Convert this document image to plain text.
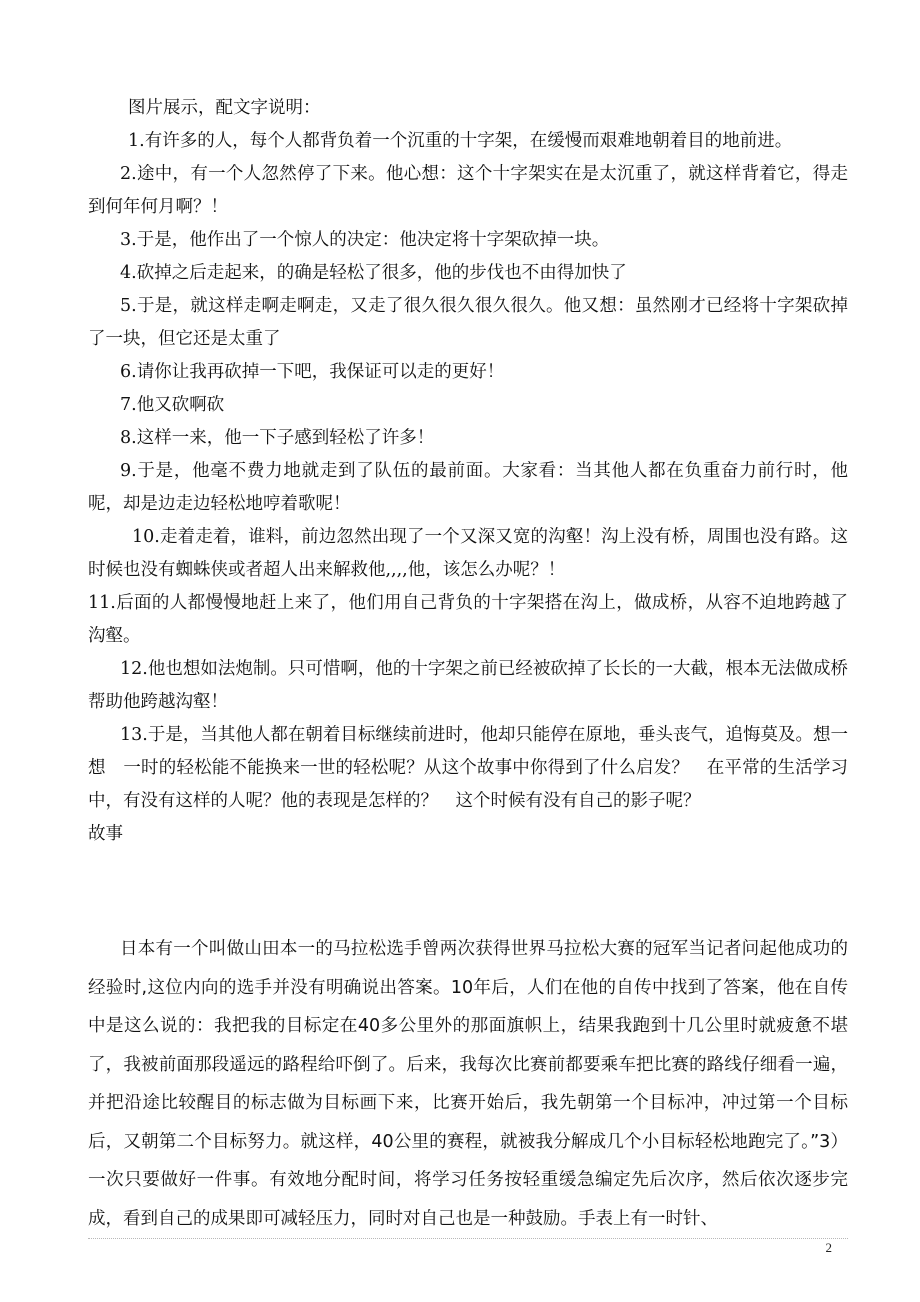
图片展示，配文字说明：

1.有许多的人，每个人都背负着一个沉重的十字架，在缓慢而艰难地朝着目的地前进。

2.途中，有一个人忽然停了下来。他心想：这个十字架实在是太沉重了，就这样背着它，得走到何年何月啊？！

3.于是，他作出了一个惊人的决定：他决定将十字架砍掉一块。

4.砍掉之后走起来，的确是轻松了很多，他的步伐也不由得加快了

5.于是，就这样走啊走啊走，又走了很久很久很久很久。他又想：虽然刚才已经将十字架砍掉了一块，但它还是太重了

6.请你让我再砍掉一下吧，我保证可以走的更好！

7.他又砍啊砍

8.这样一来，他一下子感到轻松了许多！

9.于是，他毫不费力地就走到了队伍的最前面。大家看：当其他人都在负重奋力前行时，他呢，却是边走边轻松地哼着歌呢！

10.走着走着，谁料，前边忽然出现了一个又深又宽的沟壑！沟上没有桥，周围也没有路。这时候也没有蜘蛛侠或者超人出来解救他,,,,他，该怎么办呢？！

11.后面的人都慢慢地赶上来了，他们用自己背负的十字架搭在沟上，做成桥，从容不迫地跨越了沟壑。

12.他也想如法炮制。只可惜啊，他的十字架之前已经被砍掉了长长的一大截，根本无法做成桥帮助他跨越沟壑！

13.于是，当其他人都在朝着目标继续前进时，他却只能停在原地，垂头丧气，追悔莫及。想一想　一时的轻松能不能换来一世的轻松呢？从这个故事中你得到了什么启发？　在平常的生活学习中，有没有这样的人呢？他的表现是怎样的？　这个时候有没有自己的影子呢？

故事

日本有一个叫做山田本一的马拉松选手曾两次获得世界马拉松大赛的冠军当记者问起他成功的经验时,这位内向的选手并没有明确说出答案。10年后，人们在他的自传中找到了答案，他在自传中是这么说的：我把我的目标定在40多公里外的那面旗帜上，结果我跑到十几公里时就疲惫不堪了，我被前面那段遥远的路程给吓倒了。后来，我每次比赛前都要乘车把比赛的路线仔细看一遍，并把沿途比较醒目的标志做为目标画下来，比赛开始后，我先朝第一个目标冲，冲过第一个目标后，又朝第二个目标努力。就这样，40公里的赛程，就被我分解成几个小目标轻松地跑完了。”3）一次只要做好一件事。有效地分配时间，将学习任务按轻重缓急编定先后次序，然后依次逐步完成，看到自己的成果即可减轻压力，同时对自己也是一种鼓励。手表上有一时针、

2
